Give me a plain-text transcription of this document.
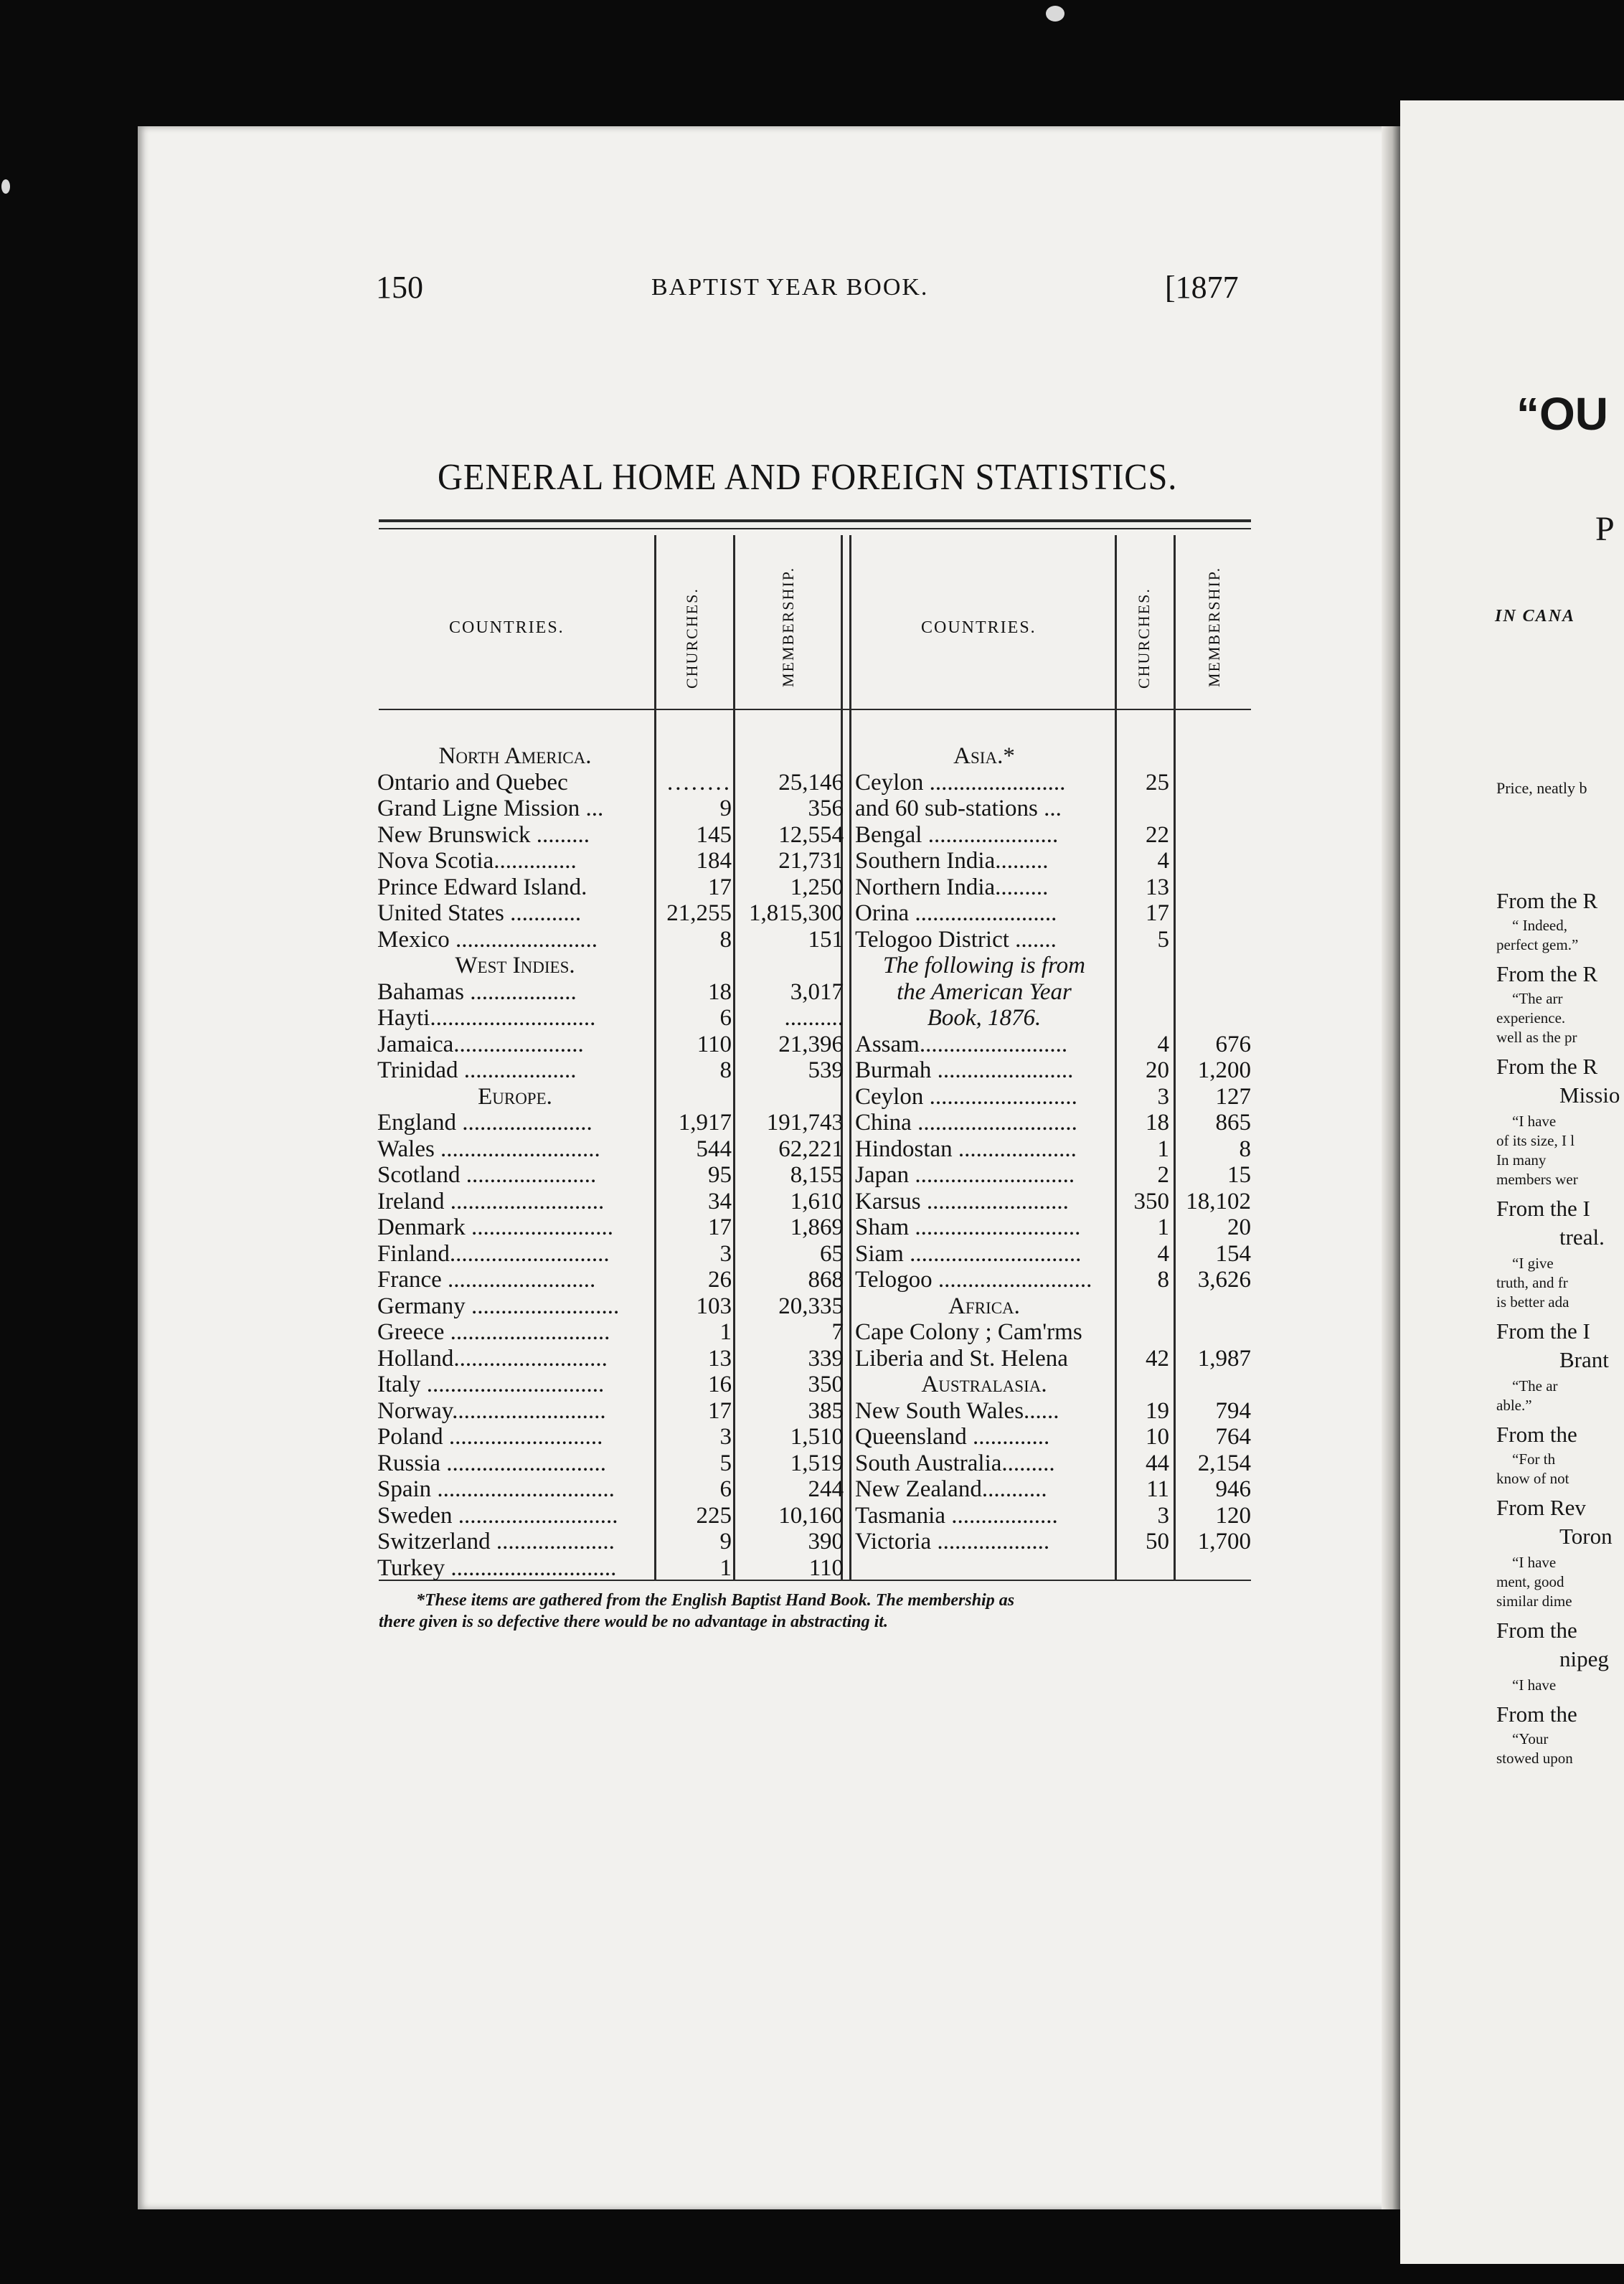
“OU
P
IN CANA
Price, neatly b
From the R
“ Indeed,
perfect gem.”
From the R
“The arr
experience.
well as the pr
From the R
Missio
“I have
of its size, I l
In many
members wer
From the I
treal.
“I give
truth, and fr
is better ada
From the I
Brant
“The ar
able.”
From the
“For th
know of not
From Rev
Toron
“I have
ment, good
similar dime
From the
nipeg
“I have
From the
“Your
stowed upon
150	BAPTIST YEAR BOOK.	[1877
GENERAL HOME AND FOREIGN STATISTICS.
COUNTRIES.	COUNTRIES.
CHURCHES.	MEMBERSHIP.	CHURCHES.	MEMBERSHIP.
North America.
Ontario and Quebec	........	25,146
Grand Ligne Mission ...	9	356
New Brunswick .........	145	12,554
Nova Scotia..............	184	21,731
Prince Edward Island.	17	1,250
United States ............	21,255 1,815,300
Mexico ........................	8	151
West Indies.
Bahamas ..................	18	3,017
Hayti............................	6	..........
Jamaica......................	110	21,396
Trinidad ...................	8	539
Europe.
England ......................	1,917	191,743
Wales ...........................	544	62,221
Scotland ......................	95	8,155
Ireland ..........................	34	1,610
Denmark ........................	17	1,869
Finland...........................	3	65
France .........................	26	868
Germany .........................	103	20,335
Greece ...........................	1	7
Holland..........................	13	339
Italy ..............................	16	350
Norway..........................	17	385
Poland ..........................	3	1,510
Russia ...........................	5	1,519
Spain ..............................	6	244
Sweden ...........................	225	10,160
Switzerland ....................	9	390
Turkey ............................	1	110
Asia.*
Ceylon .......................	25
and 60 sub-stations ...
Bengal ......................	22
Southern India.........	4
Northern India.........	13
Orina ........................	17
Telogoo District .......	5
The following is from
the American Year
Book, 1876.
Assam.........................	4	676
Burmah .......................	20	1,200
Ceylon .........................	3	127
China ...........................	18	865
Hindostan ....................	1	8
Japan ...........................	2	15
Karsus ........................	350 18,102
Sham ............................	1	20
Siam .............................	4	154
Telogoo ..........................	8	3,626
Africa.
Cape Colony ; Cam'rms
Liberia and St. Helena	42	1,987
Australasia.
New South Wales......	19	794
Queensland .............	10	764
South Australia.........	44	2,154
New Zealand...........	11	946
Tasmania ..................	3	120
Victoria ...................	50	1,700
*These items are gathered from the English Baptist Hand Book. The membership as
there given is so defective there would be no advantage in abstracting it.
